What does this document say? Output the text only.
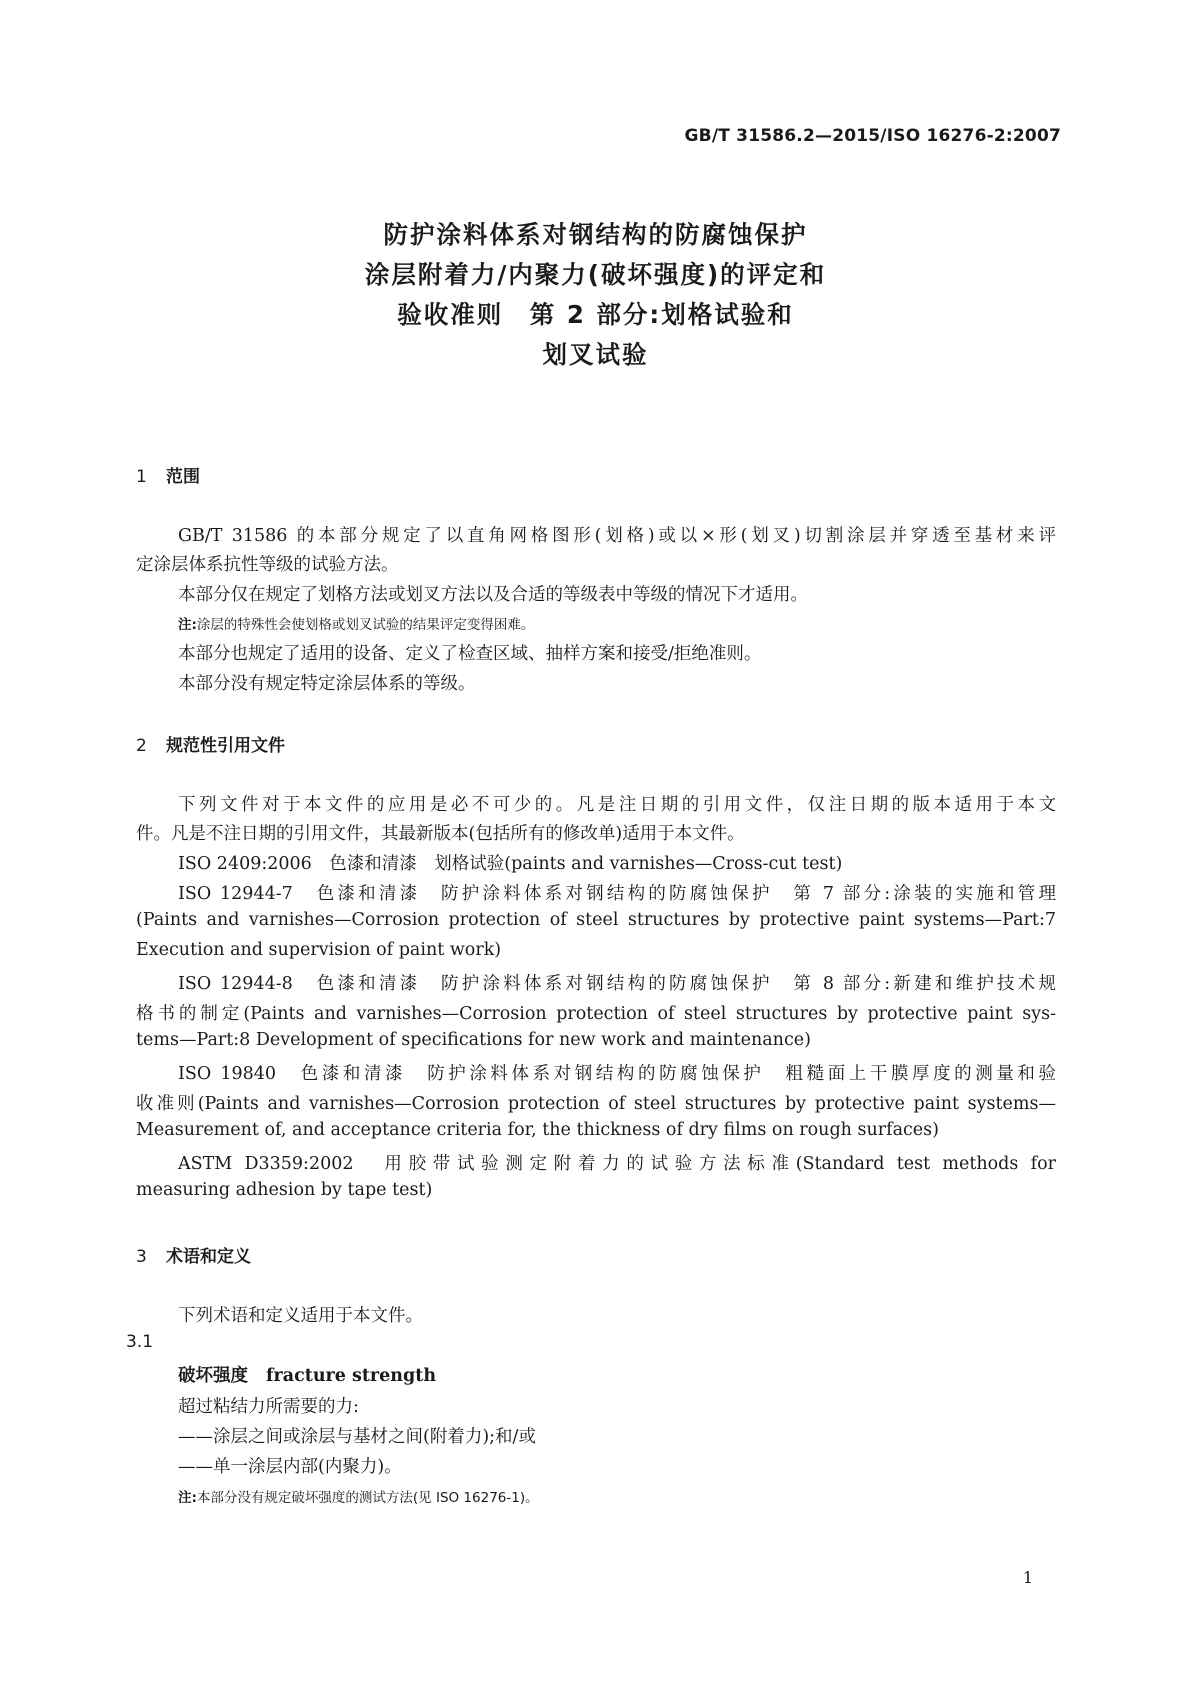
GB/T 31586.2—2015/ISO 16276-2:2007
防护涂料体系对钢结构的防腐蚀保护
涂层附着力/内聚力(破坏强度)的评定和
验收准则　第 2 部分:划格试验和
划叉试验
1 范围
GB/T 31586 的本部分规定了以直角网格图形(划格)或以×形(划叉)切割涂层并穿透至基材来评
定涂层体系抗性等级的试验方法。
本部分仅在规定了划格方法或划叉方法以及合适的等级表中等级的情况下才适用。
注:涂层的特殊性会使划格或划叉试验的结果评定变得困难。
本部分也规定了适用的设备、定义了检查区域、抽样方案和接受/拒绝准则。
本部分没有规定特定涂层体系的等级。
2 规范性引用文件
下列文件对于本文件的应用是必不可少的。凡是注日期的引用文件，仅注日期的版本适用于本文
件。凡是不注日期的引用文件，其最新版本(包括所有的修改单)适用于本文件。
ISO 2409:2006　色漆和清漆　划格试验(paints and varnishes—Cross-cut test)
ISO 12944-7　色漆和清漆　防护涂料体系对钢结构的防腐蚀保护　第 7 部分:涂装的实施和管理
(Paints and varnishes—Corrosion protection of steel structures by protective paint systems—Part:7
Execution and supervision of paint work)
ISO 12944-8　色漆和清漆　防护涂料体系对钢结构的防腐蚀保护　第 8 部分:新建和维护技术规
格书的制定(Paints and varnishes—Corrosion protection of steel structures by protective paint sys-
tems—Part:8 Development of specifications for new work and maintenance)
ISO 19840　色漆和清漆　防护涂料体系对钢结构的防腐蚀保护　粗糙面上干膜厚度的测量和验
收准则(Paints and varnishes—Corrosion protection of steel structures by protective paint systems—
Measurement of, and acceptance criteria for, the thickness of dry films on rough surfaces)
ASTM D3359:2002　用胶带试验测定附着力的试验方法标准(Standard test methods for
measuring adhesion by tape test)
3 术语和定义
下列术语和定义适用于本文件。
3.1
破坏强度 fracture strength
超过粘结力所需要的力:
——涂层之间或涂层与基材之间(附着力);和/或
——单一涂层内部(内聚力)。
注:本部分没有规定破坏强度的测试方法(见 ISO 16276-1)。
1
